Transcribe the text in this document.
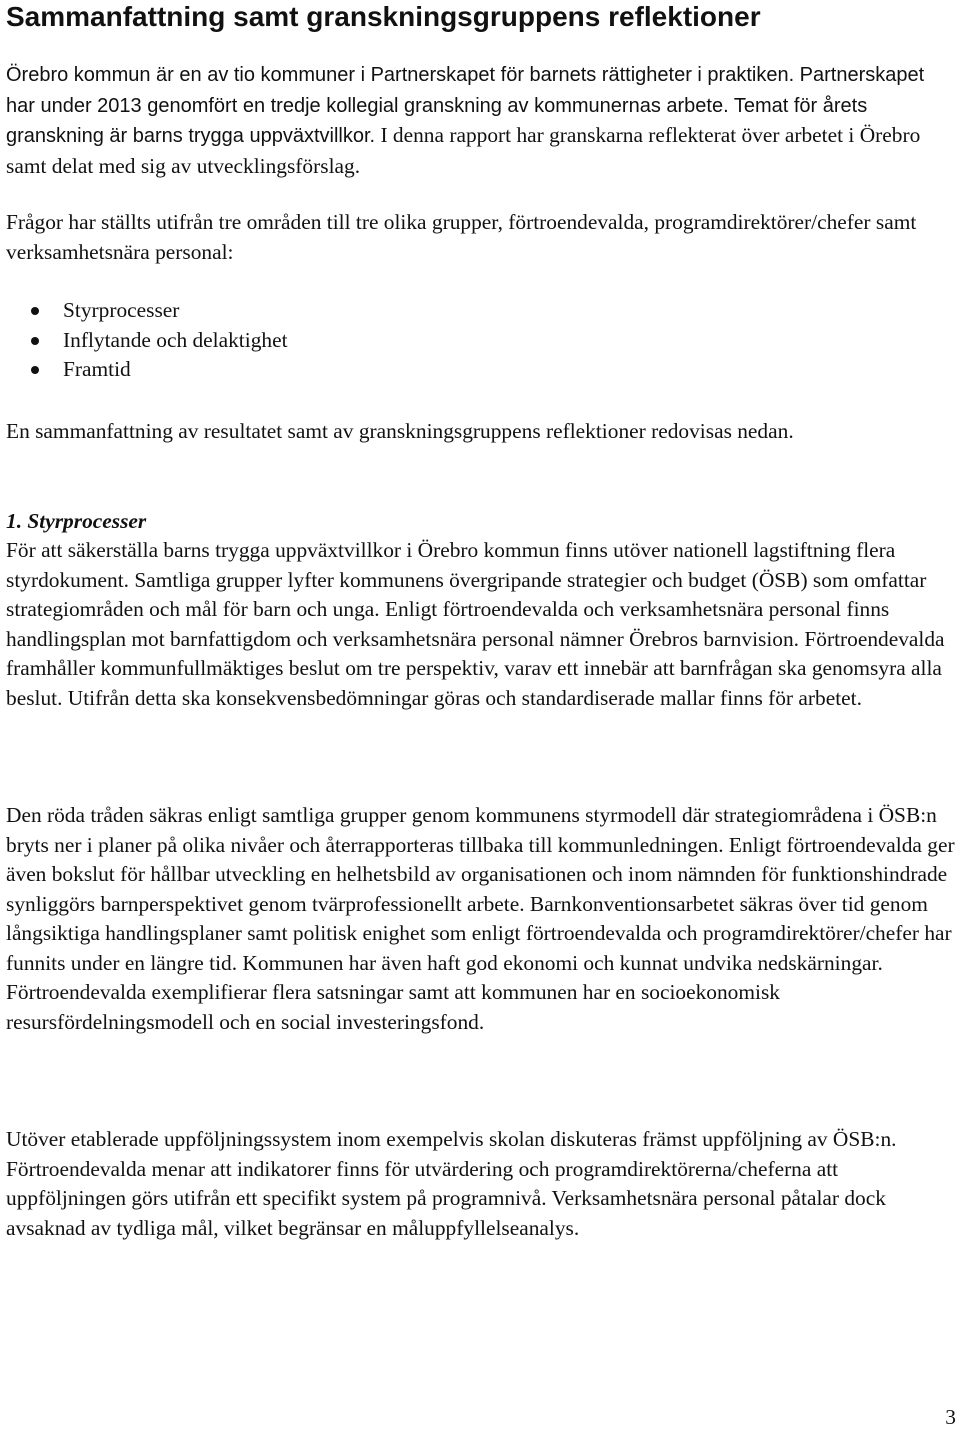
Sammanfattning samt granskningsgruppens reflektioner

Örebro kommun är en av tio kommuner i Partnerskapet för barnets rättigheter i praktiken. Partnerskapet har under 2013 genomfört en tredje kollegial granskning av kommunernas arbete. Temat för årets granskning är barns trygga uppväxtvillkor. I denna rapport har granskarna reflekterat över arbetet i Örebro samt delat med sig av utvecklingsförslag.

Frågor har ställts utifrån tre områden till tre olika grupper, förtroendevalda, programdirektörer/chefer samt verksamhetsnära personal:

Styrprocesser
Inflytande och delaktighet
Framtid

En sammanfattning av resultatet samt av granskningsgruppens reflektioner redovisas nedan.

1. Styrprocesser

För att säkerställa barns trygga uppväxtvillkor i Örebro kommun finns utöver nationell lagstiftning flera styrdokument. Samtliga grupper lyfter kommunens övergripande strategier och budget (ÖSB) som omfattar strategiområden och mål för barn och unga. Enligt förtroendevalda och verksamhetsnära personal finns handlingsplan mot barnfattigdom och verksamhetsnära personal nämner Örebros barnvision. Förtroendevalda framhåller kommunfullmäktiges beslut om tre perspektiv, varav ett innebär att barnfrågan ska genomsyra alla beslut. Utifrån detta ska konsekvensbedömningar göras och standardiserade mallar finns för arbetet.

Den röda tråden säkras enligt samtliga grupper genom kommunens styrmodell där strategiområdena i ÖSB:n bryts ner i planer på olika nivåer och återrapporteras tillbaka till kommunledningen. Enligt förtroendevalda ger även bokslut för hållbar utveckling en helhetsbild av organisationen och inom nämnden för funktionshindrade synliggörs barnperspektivet genom tvärprofessionellt arbete. Barnkonventionsarbetet säkras över tid genom långsiktiga handlingsplaner samt politisk enighet som enligt förtroendevalda och programdirektörer/chefer har funnits under en längre tid. Kommunen har även haft god ekonomi och kunnat undvika nedskärningar. Förtroendevalda exemplifierar flera satsningar samt att kommunen har en socioekonomisk resursfördelningsmodell och en social investeringsfond.

Utöver etablerade uppföljningssystem inom exempelvis skolan diskuteras främst uppföljning av ÖSB:n. Förtroendevalda menar att indikatorer finns för utvärdering och programdirektörerna/cheferna att uppföljningen görs utifrån ett specifikt system på programnivå. Verksamhetsnära personal påtalar dock avsaknad av tydliga mål, vilket begränsar en måluppfyllelseanalys.

3
